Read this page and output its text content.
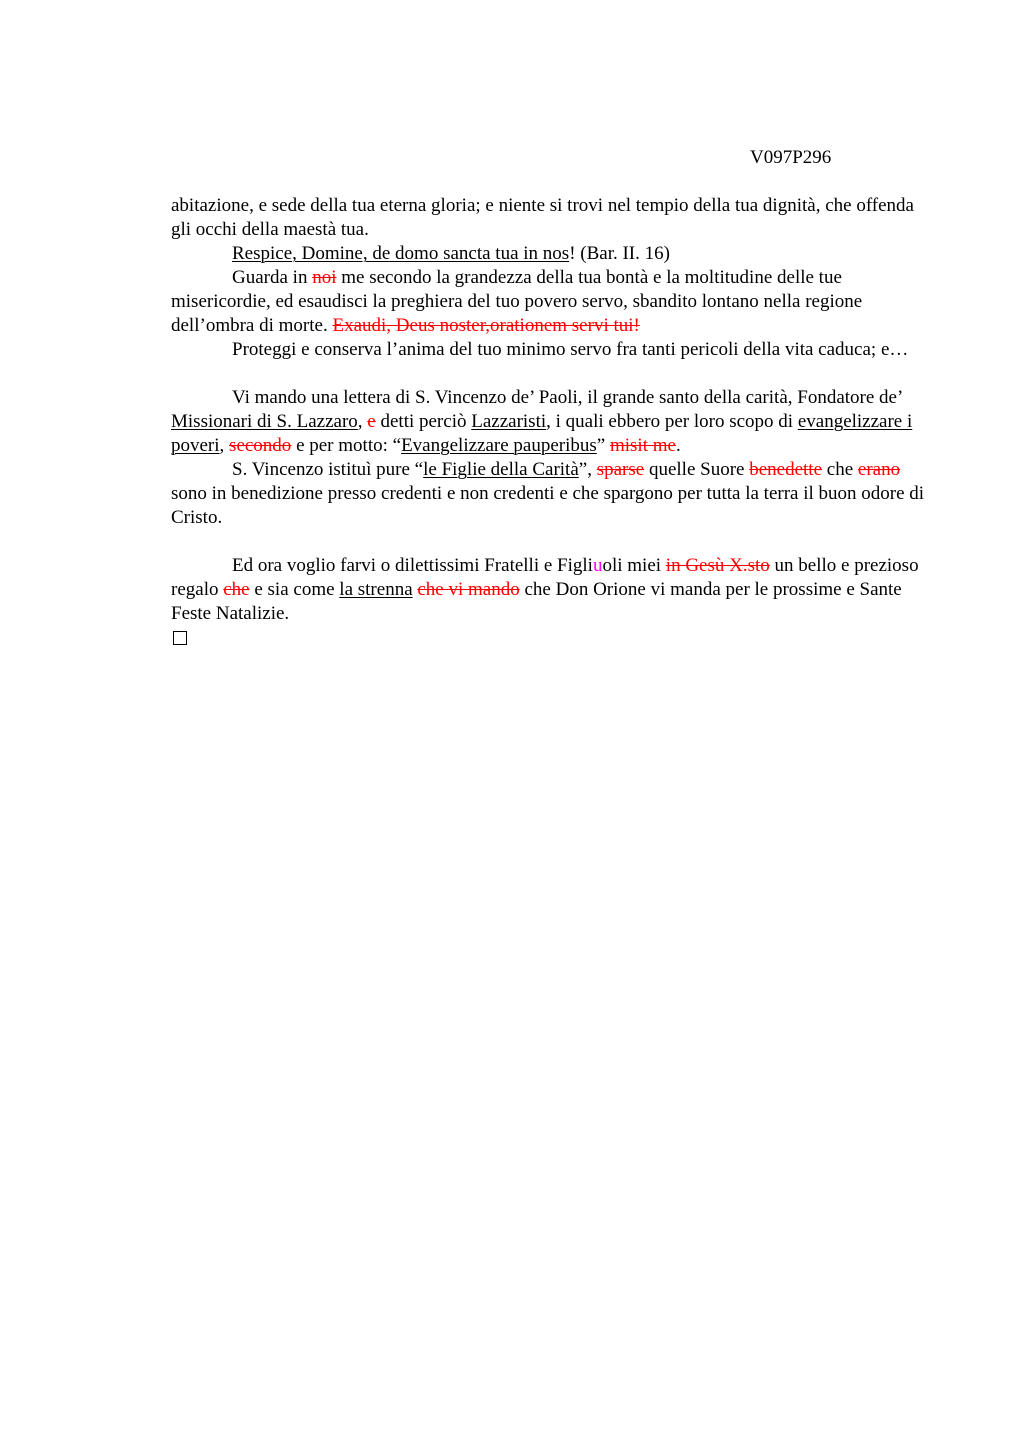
V097P296

abitazione, e sede della tua eterna gloria; e niente si trovi nel tempio della tua dignità, che offenda gli occhi della maestà tua.

Respice, Domine, de domo sancta tua in nos! (Bar. II. 16)

Guarda in noi me secondo la grandezza della tua bontà e la moltitudine delle tue misericordie, ed esaudisci la preghiera del tuo povero servo, sbandito lontano nella regione dell’ombra di morte. Exaudi, Deus noster,orationem servi tui!

Proteggi e conserva l’anima del tuo minimo servo fra tanti pericoli della vita caduca; e…

Vi mando una lettera di S. Vincenzo de’ Paoli, il grande santo della carità, Fondatore de’ Missionari di S. Lazzaro, e detti perciò Lazzaristi, i quali ebbero per loro scopo di evangelizzare i poveri, secondo e per motto: “Evangelizzare pauperibus” misit me.

S. Vincenzo istituì pure “le Figlie della Carità”, sparse quelle Suore benedette che erano sono in benedizione presso credenti e non credenti e che spargono per tutta la terra il buon odore di Cristo.

Ed ora voglio farvi o dilettissimi Fratelli e Figliuoli miei in Gesù X.sto un bello e prezioso regalo che e sia come la strenna che vi mando che Don Orione vi manda per le prossime e Sante Feste Natalizie.
